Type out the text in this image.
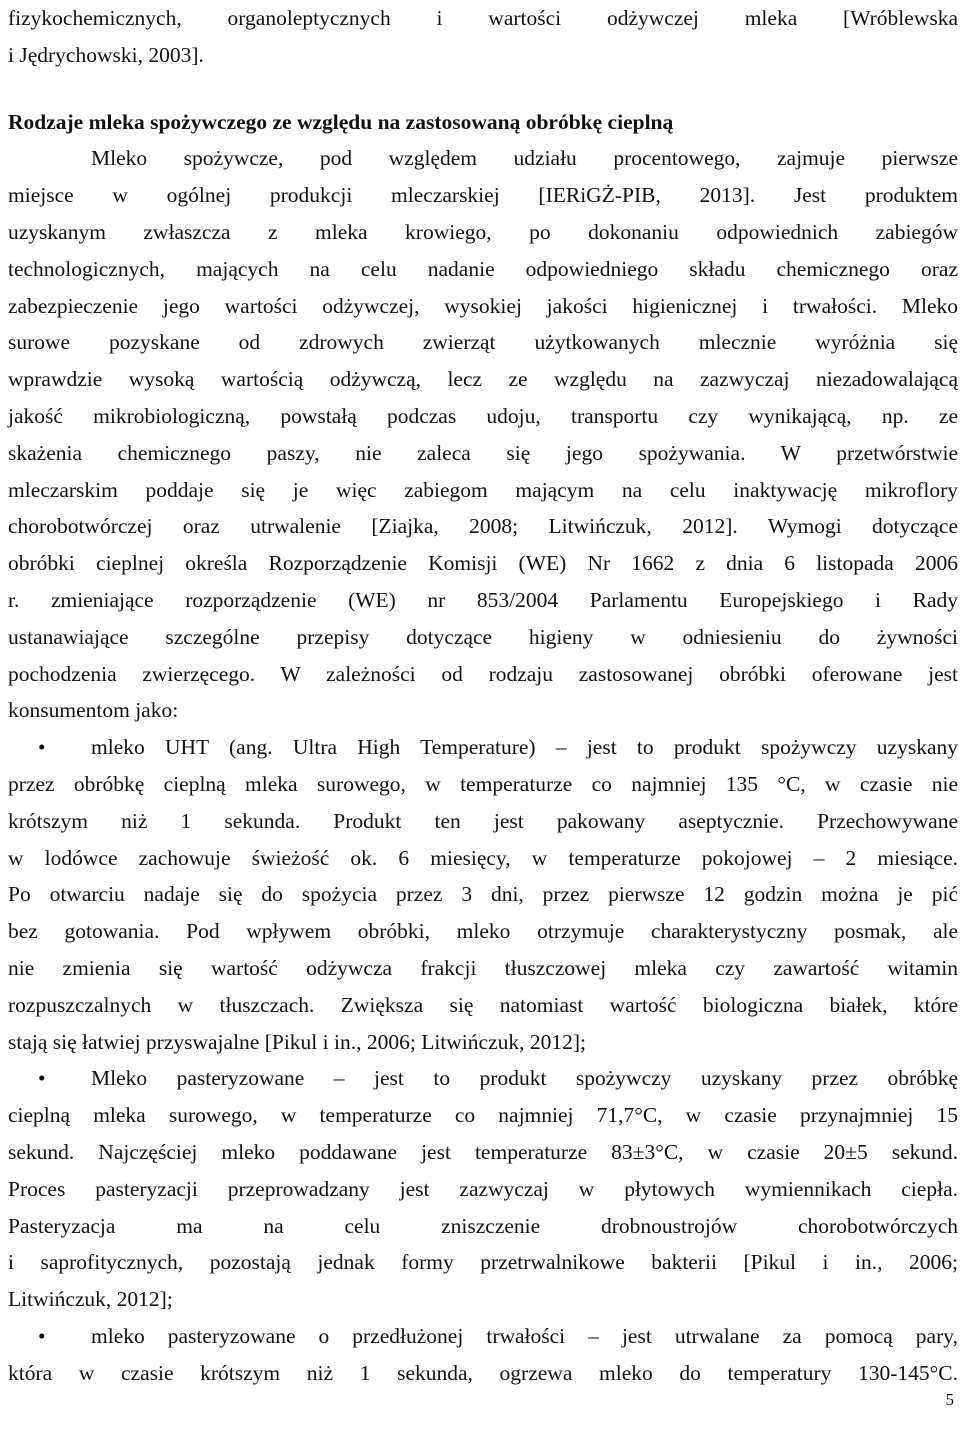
fizykochemicznych, organoleptycznych i wartości odżywczej mleka [Wróblewska
i Jędrychowski, 2003].
Rodzaje mleka spożywczego ze względu na zastosowaną obróbkę cieplną
Mleko spożywcze, pod względem udziału procentowego, zajmuje pierwsze
miejsce w ogólnej produkcji mleczarskiej [IERiGŻ-PIB, 2013]. Jest produktem
uzyskanym zwłaszcza z mleka krowiego, po dokonaniu odpowiednich zabiegów
technologicznych, mających na celu nadanie odpowiedniego składu chemicznego oraz
zabezpieczenie jego wartości odżywczej, wysokiej jakości higienicznej i trwałości. Mleko
surowe pozyskane od zdrowych zwierząt użytkowanych mlecznie wyróżnia się
wprawdzie wysoką wartością odżywczą, lecz ze względu na zazwyczaj niezadowalającą
jakość mikrobiologiczną, powstałą podczas udoju, transportu czy wynikającą, np. ze
skażenia chemicznego paszy, nie zaleca się jego spożywania. W przetwórstwie
mleczarskim poddaje się je więc zabiegom mającym na celu inaktywację mikroflory
chorobotwórczej oraz utrwalenie [Ziajka, 2008; Litwińczuk, 2012]. Wymogi dotyczące
obróbki cieplnej określa Rozporządzenie Komisji (WE) Nr 1662 z dnia 6 listopada 2006
r. zmieniające rozporządzenie (WE) nr 853/2004 Parlamentu Europejskiego i Rady
ustanawiające szczególne przepisy dotyczące higieny w odniesieniu do żywności
pochodzenia zwierzęcego. W zależności od rodzaju zastosowanej obróbki oferowane jest
konsumentom jako:
•	mleko UHT (ang. Ultra High Temperature) – jest to produkt spożywczy uzyskany
przez obróbkę cieplną mleka surowego, w temperaturze co najmniej 135 °C, w czasie nie
krótszym niż 1 sekunda. Produkt ten jest pakowany aseptycznie. Przechowywane
w lodówce zachowuje świeżość ok. 6 miesięcy, w temperaturze pokojowej – 2 miesiące.
Po otwarciu nadaje się do spożycia przez 3 dni, przez pierwsze 12 godzin można je pić
bez gotowania. Pod wpływem obróbki, mleko otrzymuje charakterystyczny posmak, ale
nie zmienia się wartość odżywcza frakcji tłuszczowej mleka czy zawartość witamin
rozpuszczalnych w tłuszczach. Zwiększa się natomiast wartość biologiczna białek, które
stają się łatwiej przyswajalne [Pikul i in., 2006; Litwińczuk, 2012];
•	Mleko pasteryzowane – jest to produkt spożywczy uzyskany przez obróbkę
cieplną mleka surowego, w temperaturze co najmniej 71,7°C, w czasie przynajmniej 15
sekund. Najczęściej mleko poddawane jest temperaturze 83±3°C, w czasie 20±5 sekund.
Proces pasteryzacji przeprowadzany jest zazwyczaj w płytowych wymiennikach ciepła.
Pasteryzacja ma na celu zniszczenie drobnoustrojów chorobotwórczych
i saprofitycznych, pozostają jednak formy przetrwalnikowe bakterii [Pikul i in., 2006;
Litwińczuk, 2012];
•	mleko pasteryzowane o przedłużonej trwałości – jest utrwalane za pomocą pary,
która w czasie krótszym niż 1 sekunda, ogrzewa mleko do temperatury 130-145°C.
5
